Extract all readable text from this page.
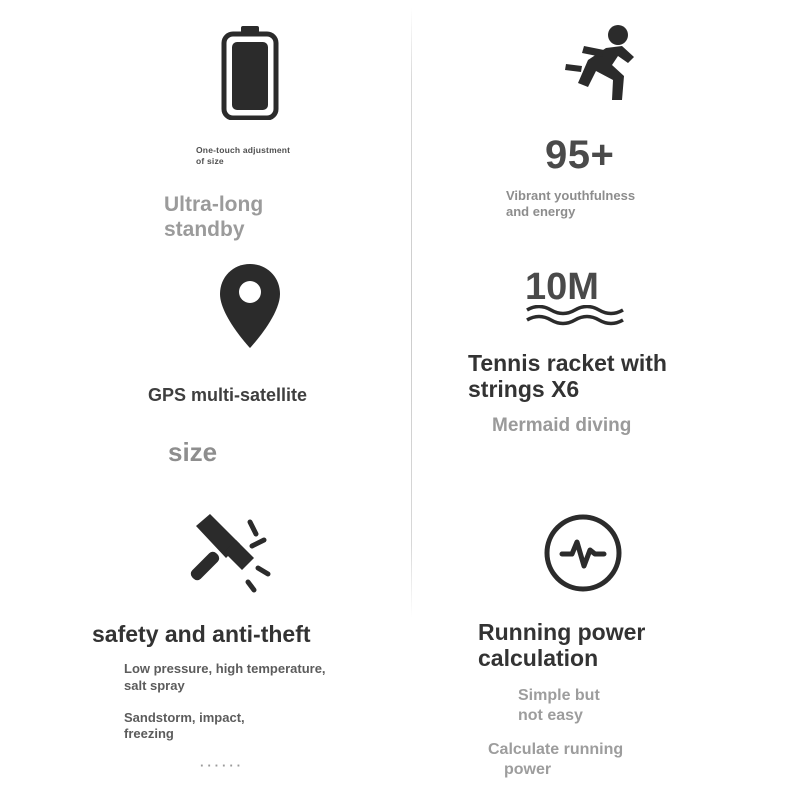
One-touch adjustment
of size
Ultra-long
standby
95+
Vibrant youthfulness
and energy
GPS multi-satellite
size
10M
Tennis racket with
strings X6
Mermaid diving
safety and anti-theft
Low pressure, high temperature,
salt spray
Sandstorm, impact,
freezing
······
Running power
calculation
Simple but
not easy
Calculate running
power
